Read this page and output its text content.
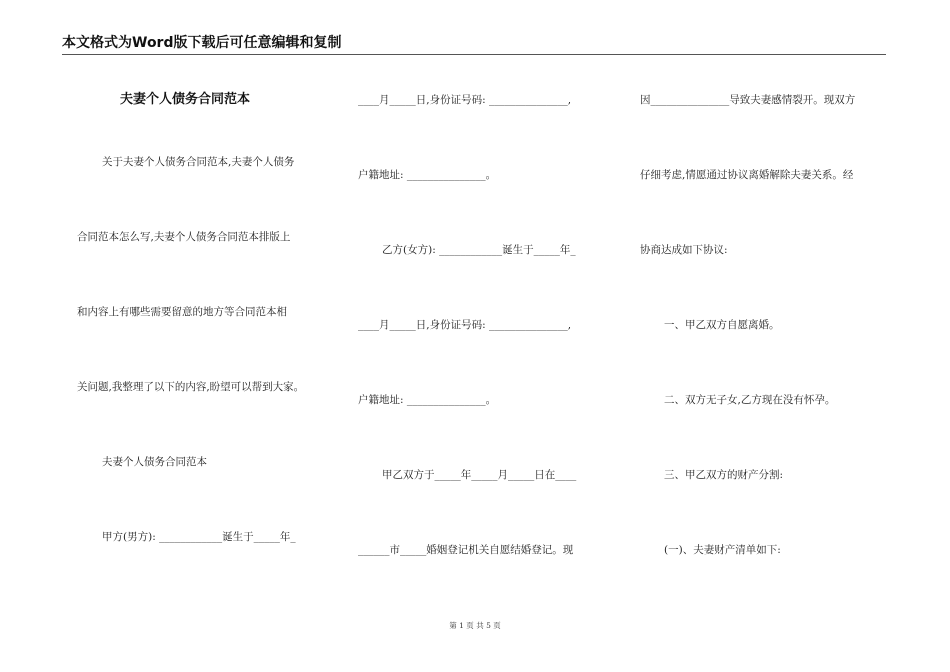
本文格式为Word版下载后可任意编辑和复制
夫妻个人债务合同范本
关于夫妻个人债务合同范本,夫妻个人债务
合同范本怎么写,夫妻个人债务合同范本排版上
和内容上有哪些需要留意的地方等合同范本相
关问题,我整理了以下的内容,盼望可以帮到大家。
夫妻个人债务合同范本
甲方(男方): ____________诞生于_____年_
____月_____日,身份证号码: _______________,
户籍地址: _______________。
乙方(女方): ____________诞生于_____年_
____月_____日,身份证号码: _______________,
户籍地址: _______________。
甲乙双方于_____年_____月_____日在____
______市_____婚姻登记机关自愿结婚登记。现
因_______________导致夫妻感情裂开。现双方
仔细考虑,情愿通过协议离婚解除夫妻关系。经
协商达成如下协议:
一、甲乙双方自愿离婚。
二、双方无子女,乙方现在没有怀孕。
三、甲乙双方的财产分割:
(一)、夫妻财产清单如下:
第 1 页 共 5 页
